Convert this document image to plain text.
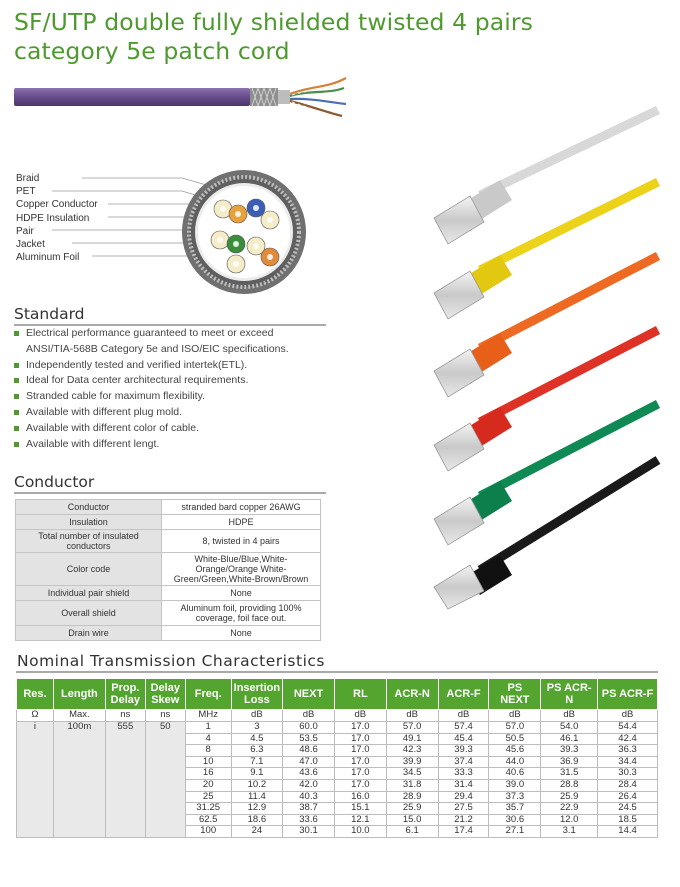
SF/UTP double fully shielded twisted 4 pairs
category 5e patch cord
Braid
PET
Copper Conductor
HDPE Insulation
Pair
Jacket
Aluminum Foil
Standard
Electrical performance guaranteed to meet or exceed
ANSI/TIA-568B Category 5e and ISO/EIC specifications.
Independently tested and verified intertek(ETL).
Ideal for Data center architectural requirements.
Stranded cable for maximum flexibility.
Available with different plug mold.
Available with different color of cable.
Available with different lengt.
Conductor
Conductor	stranded bard copper 26AWG
Insulation	HDPE
Total number of insulated conductors	8, twisted in 4 pairs
Color code	White-Blue/Blue,White-Orange/Orange White-Green/Green,White-Brown/Brown
Individual pair shield	None
Overall shield	Aluminum foil, providing 100% coverage, foil face out.
Drain wire	None
Nominal Transmission Characteristics
Res.	Length	Prop. Delay	Delay Skew	Freq.	Insertion Loss	NEXT	RL	ACR-N	ACR-F	PS NEXT	PS ACR-N	PS ACR-F
Ω	Max.	ns	ns	MHz	dB	dB	dB	dB	dB	dB	dB	dB
i	100m	555	50	1	3	60.0	17.0	57.0	57.4	57.0	54.0	54.4
				4	4.5	53.5	17.0	49.1	45.4	50.5	46.1	42.4
				8	6.3	48.6	17.0	42.3	39.3	45.6	39.3	36.3
				10	7.1	47.0	17.0	39.9	37.4	44.0	36.9	34.4
				16	9.1	43.6	17.0	34.5	33.3	40.6	31.5	30.3
				20	10.2	42.0	17.0	31.8	31.4	39.0	28.8	28.4
				25	11.4	40.3	16.0	28.9	29.4	37.3	25.9	26.4
				31.25	12.9	38.7	15.1	25.9	27.5	35.7	22.9	24.5
				62.5	18.6	33.6	12.1	15.0	21.2	30.6	12.0	18.5
				100	24	30.1	10.0	6.1	17.4	27.1	3.1	14.4
